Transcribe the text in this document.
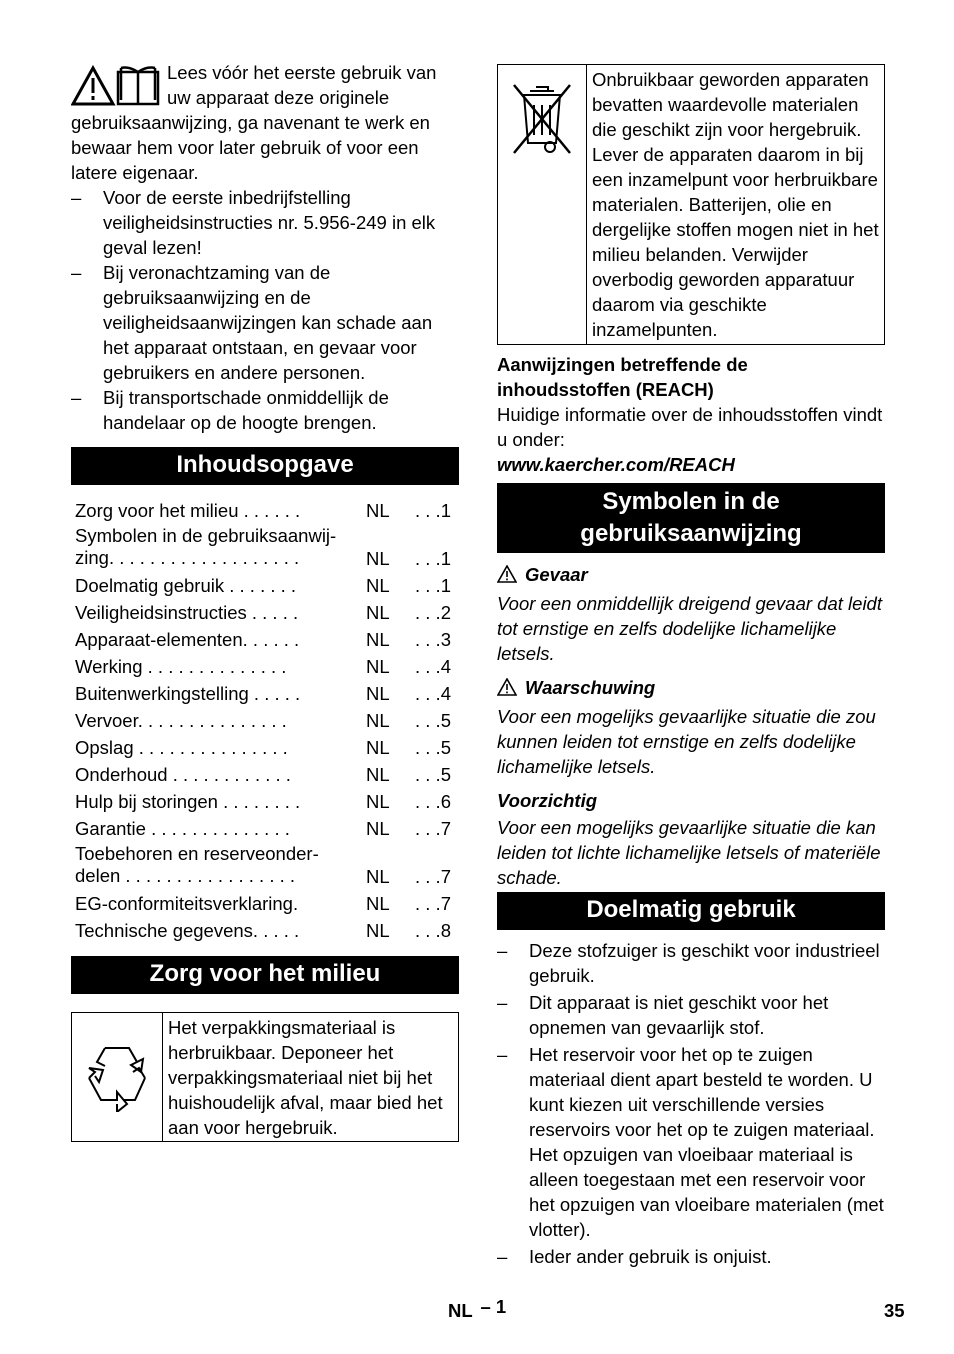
Lees vóór het eerste gebruik van uw apparaat deze originele gebruiksaanwijzing, ga navenant te werk en bewaar hem voor later gebruik of voor een latere eigenaar.

– Voor de eerste inbedrijfstelling veiligheidsinstructies nr. 5.956-249 in elk geval lezen!
– Bij veronachtzaming van de gebruiksaanwijzing en de veiligheidsaanwijzingen kan schade aan het apparaat ontstaan, en gevaar voor gebruikers en andere personen.
– Bij transportschade onmiddellijk de handelaar op de hoogte brengen.
Inhoudsopgave
Zorg voor het milieu . . . . . .	NL	. . .1
Symbolen in de gebruiksaanwij-zing. . . . . . . . . . . . . . . . . . .	NL	. . .1
Doelmatig gebruik . . . . . . .	NL	. . .1
Veiligheidsinstructies . . . . .	NL	. . .2
Apparaat-elementen. . . . . .	NL	. . .3
Werking . . . . . . . . . . . . . .	NL	. . .4
Buitenwerkingstelling . . . . .	NL	. . .4
Vervoer. . . . . . . . . . . . . . .	NL	. . .5
Opslag . . . . . . . . . . . . . . .	NL	. . .5
Onderhoud . . . . . . . . . . . .	NL	. . .5
Hulp bij storingen . . . . . . . .	NL	. . .6
Garantie . . . . . . . . . . . . . .	NL	. . .7
Toebehoren en reserveonder-delen . . . . . . . . . . . . . . . . .	NL	. . .7
EG-conformiteitsverklaring.	NL	. . .7
Technische gegevens. . . . .	NL	. . .8
Zorg voor het milieu
Het verpakkingsmateriaal is herbruikbaar. Deponeer het verpakkingsmateriaal niet bij het huishoudelijk afval, maar bied het aan voor hergebruik.
Onbruikbaar geworden apparaten bevatten waardevolle materialen die geschikt zijn voor hergebruik. Lever de apparaten daarom in bij een inzamelpunt voor herbruikbare materialen. Batterijen, olie en dergelijke stoffen mogen niet in het milieu belanden. Verwijder overbodig geworden apparatuur daarom via geschikte inzamelpunten.

Aanwijzingen betreffende de inhoudsstoffen (REACH)

Huidige informatie over de inhoudsstoffen vindt u onder:

www.kaercher.com/REACH

Symbolen in de gebruiksaanwijzing

Gevaar

Voor een onmiddellijk dreigend gevaar dat leidt tot ernstige en zelfs dodelijke lichamelijke letsels.

Waarschuwing

Voor een mogelijks gevaarlijke situatie die zou kunnen leiden tot ernstige en zelfs dodelijke lichamelijke letsels.

Voorzichtig

Voor een mogelijks gevaarlijke situatie die kan leiden tot lichte lichamelijke letsels of materiële schade.

Doelmatig gebruik
– Deze stofzuiger is geschikt voor industrieel gebruik.
– Dit apparaat is niet geschikt voor het opnemen van gevaarlijk stof.
– Het reservoir voor het op te zuigen materiaal dient apart besteld te worden. U kunt kiezen uit verschillende versies reservoirs voor het op te zuigen materiaal. Het opzuigen van vloeibaar materiaal is alleen toegestaan met een reservoir voor het opzuigen van vloeibare materialen (met vlotter).
– Ieder ander gebruik is onjuist.
NL – 1	35
